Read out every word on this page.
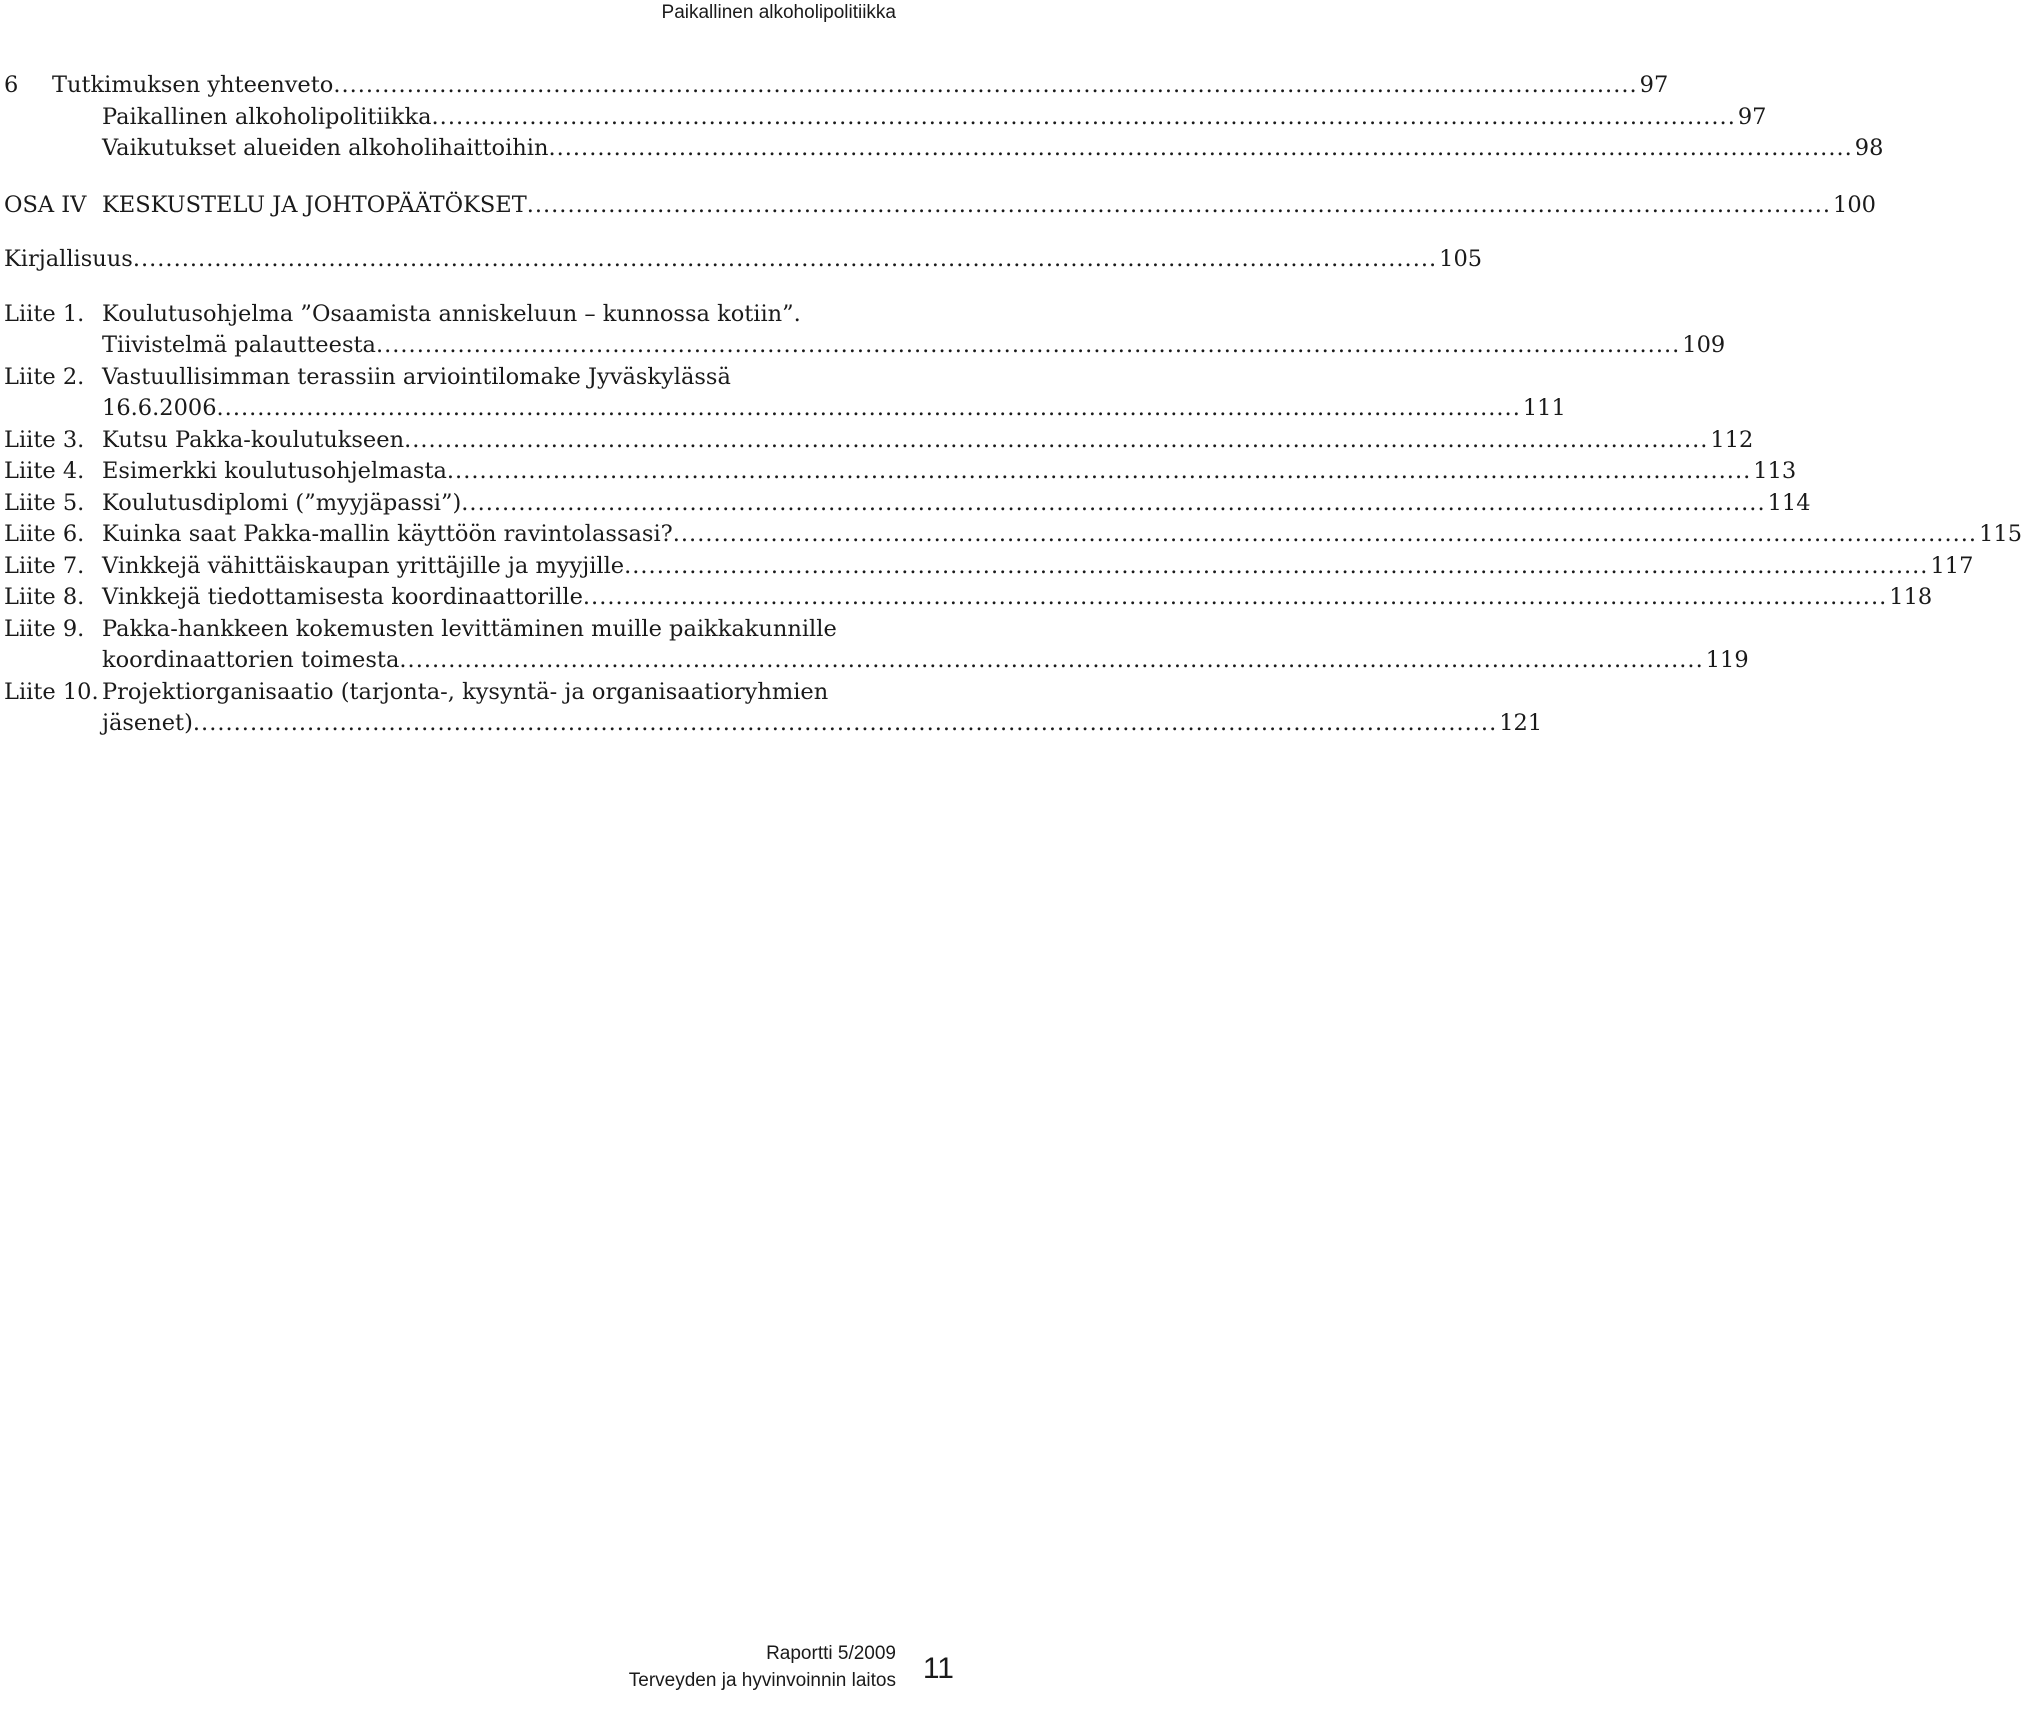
Paikallinen alkoholipolitiikka
6	Tutkimuksen yhteenveto .....	97
Paikallinen alkoholipolitiikka .....	97
Vaikutukset alueiden alkoholihaittoihin .....	98
OSA IV KESKUSTELU JA JOHTOPÄÄTÖKSET .....	100
Kirjallisuus .....	105
Liite 1. Koulutusohjelma ”Osaamista anniskeluun – kunnossa kotiin”.
Tiivistelmä palautteesta .....	109
Liite 2. Vastuullisimman terassiin arviointilomake Jyväskylässä
16.6.2006 .....	111
Liite 3. Kutsu Pakka-koulutukseen .....	112
Liite 4. Esimerkki koulutusohjelmasta .....	113
Liite 5. Koulutusdiplomi (”myyjäpassi”) .....	114
Liite 6. Kuinka saat Pakka-mallin käyttöön ravintolassasi? .....	115
Liite 7. Vinkkejä vähittäiskaupan yrittäjille ja myyjille .....	117
Liite 8. Vinkkejä tiedottamisesta koordinaattorille .....	118
Liite 9. Pakka-hankkeen kokemusten levittäminen muille paikkakunnille
koordinaattorien toimesta .....	119
Liite 10. Projektiorganisaatio (tarjonta-, kysyntä- ja organisaatioryhmien
jäsenet) .....	121
Raportti 5/2009
Terveyden ja hyvinvoinnin laitos 11
